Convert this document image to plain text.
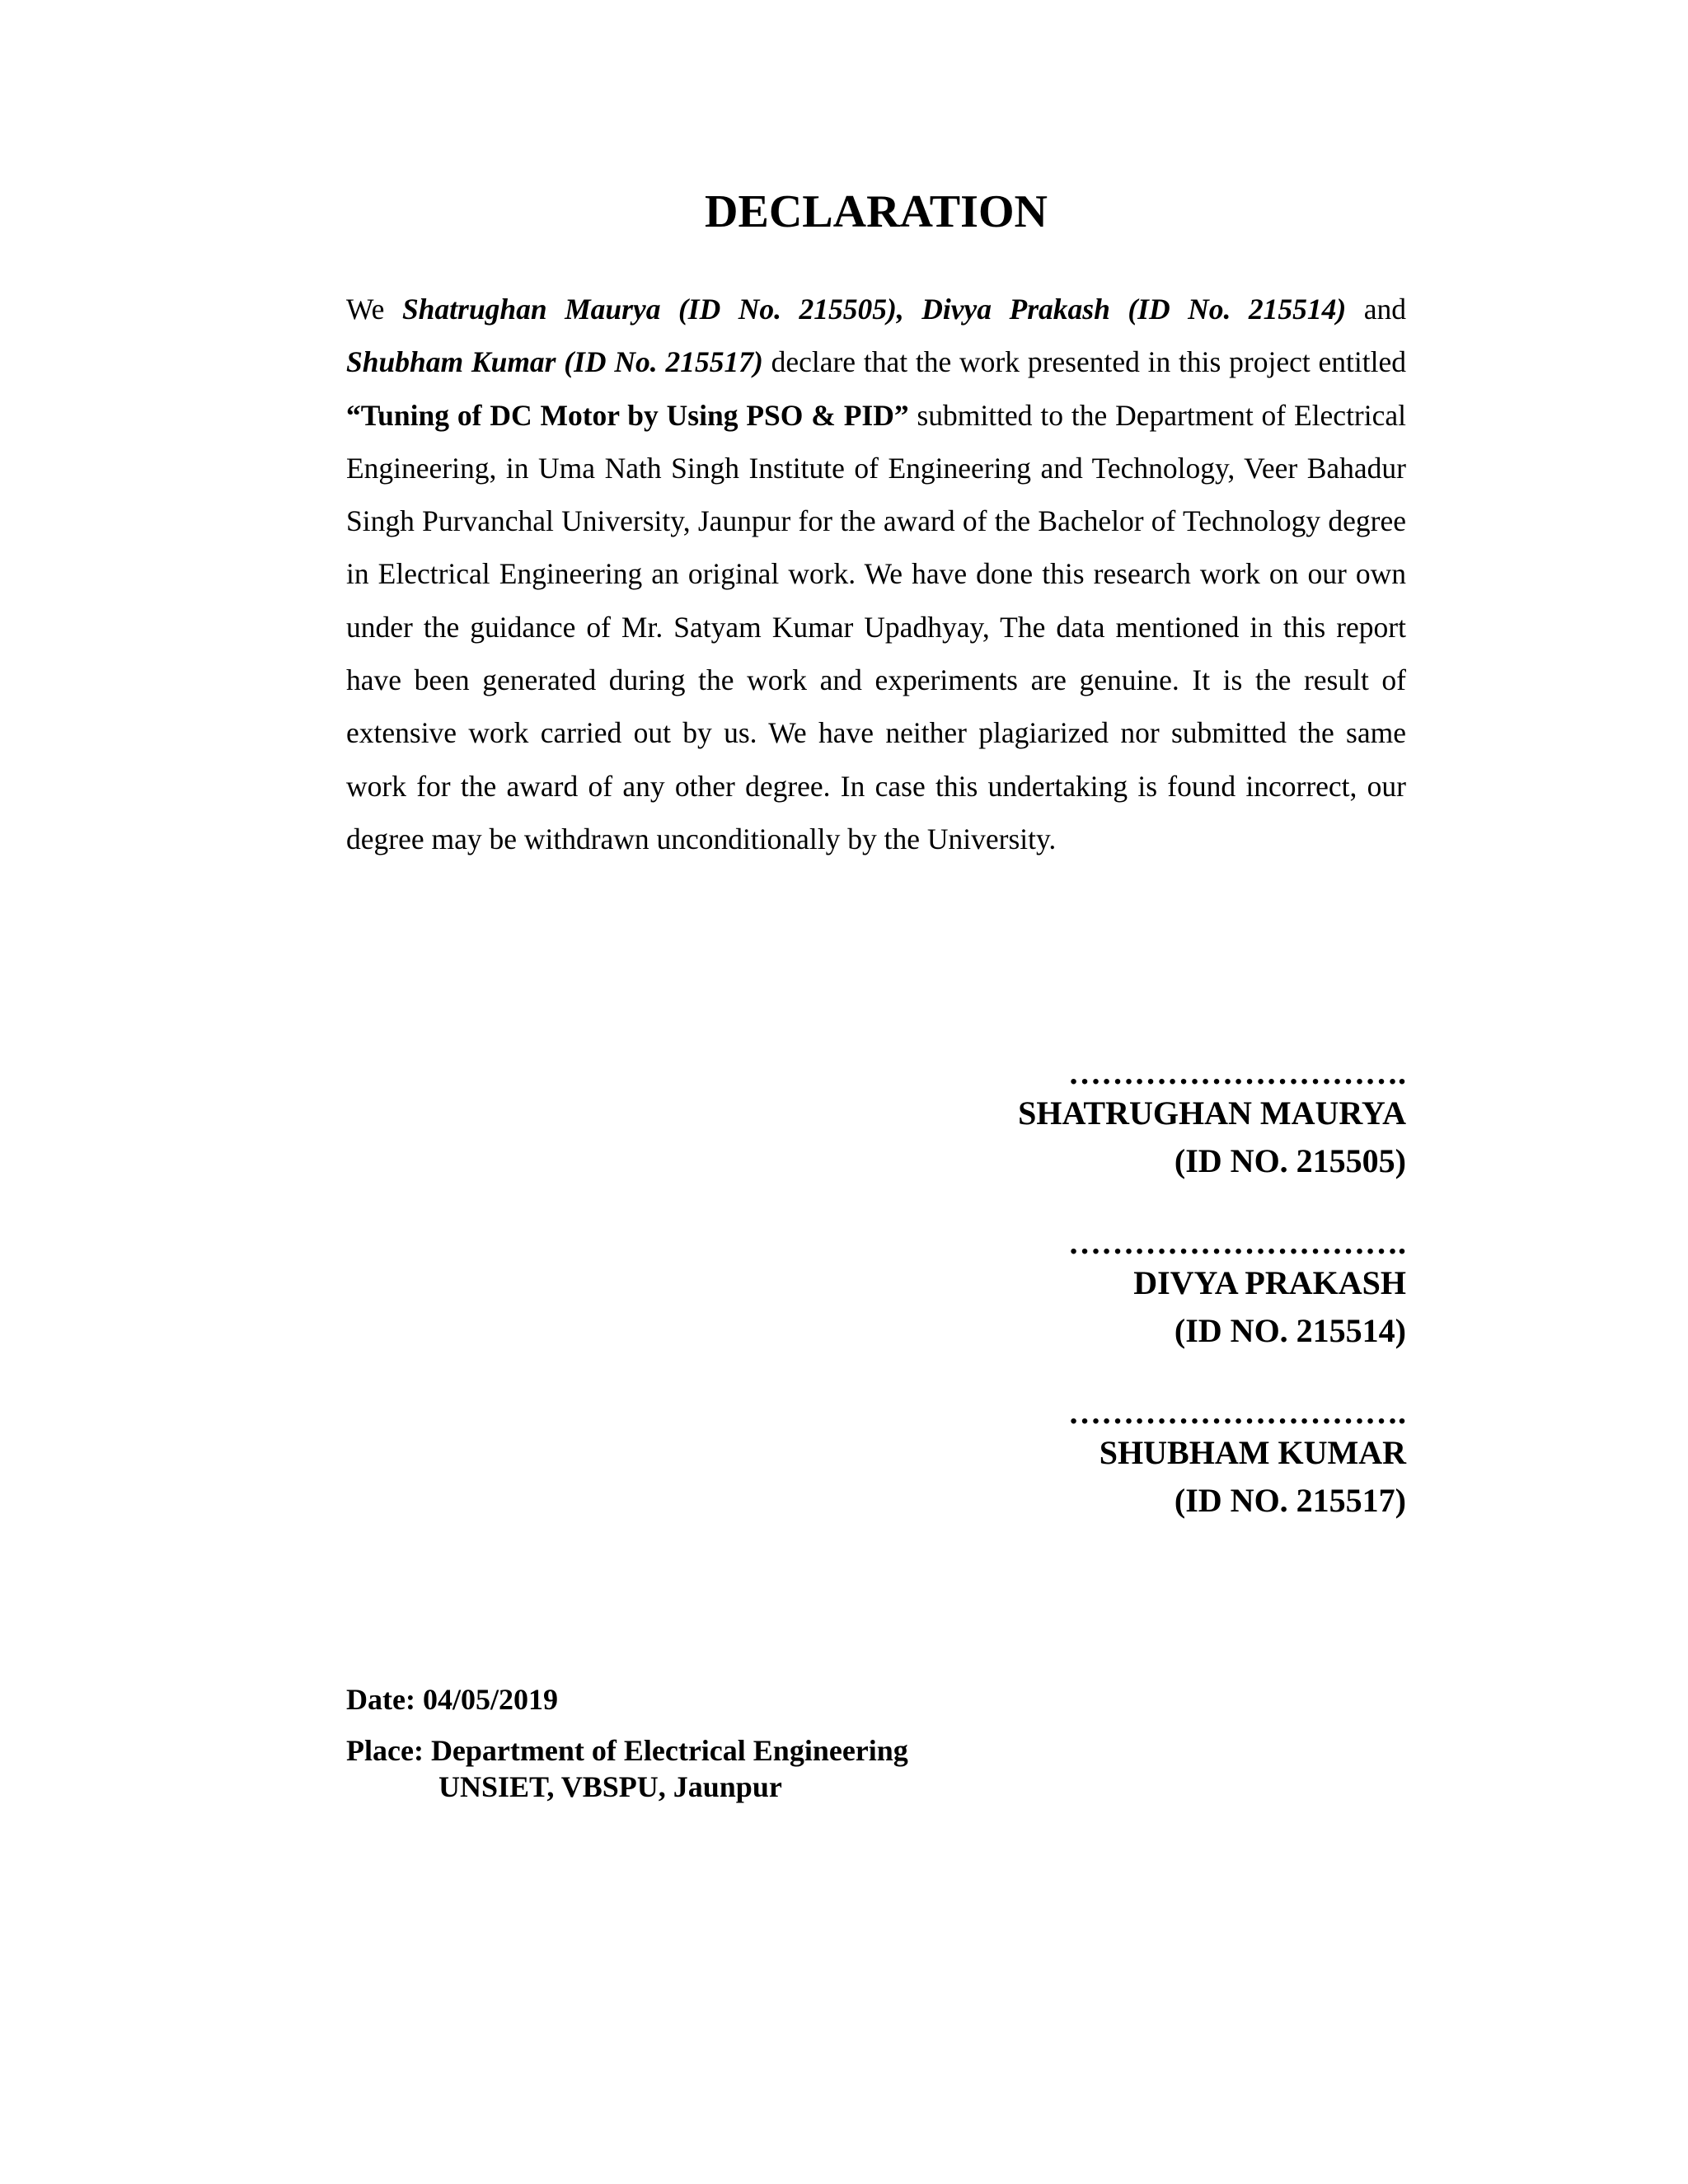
DECLARATION

We Shatrughan Maurya (ID No. 215505), Divya Prakash (ID No. 215514) and Shubham Kumar (ID No. 215517) declare that the work presented in this project entitled “Tuning of DC Motor by Using PSO & PID” submitted to the Department of Electrical Engineering, in Uma Nath Singh Institute of Engineering and Technology, Veer Bahadur Singh Purvanchal University, Jaunpur for the award of the Bachelor of Technology degree in Electrical Engineering an original work. We have done this research work on our own under the guidance of Mr. Satyam Kumar Upadhyay, The data mentioned in this report have been generated during the work and experiments are genuine. It is the result of extensive work carried out by us. We have neither plagiarized nor submitted the same work for the award of any other degree. In case this undertaking is found incorrect, our degree may be withdrawn unconditionally by the University.

………………………….
SHATRUGHAN MAURYA
(ID NO. 215505)
………………………….
DIVYA PRAKASH
(ID NO. 215514)
………………………….
SHUBHAM KUMAR
(ID NO. 215517)
Date: 04/05/2019
Place: Department of Electrical Engineering
UNSIET, VBSPU, Jaunpur
